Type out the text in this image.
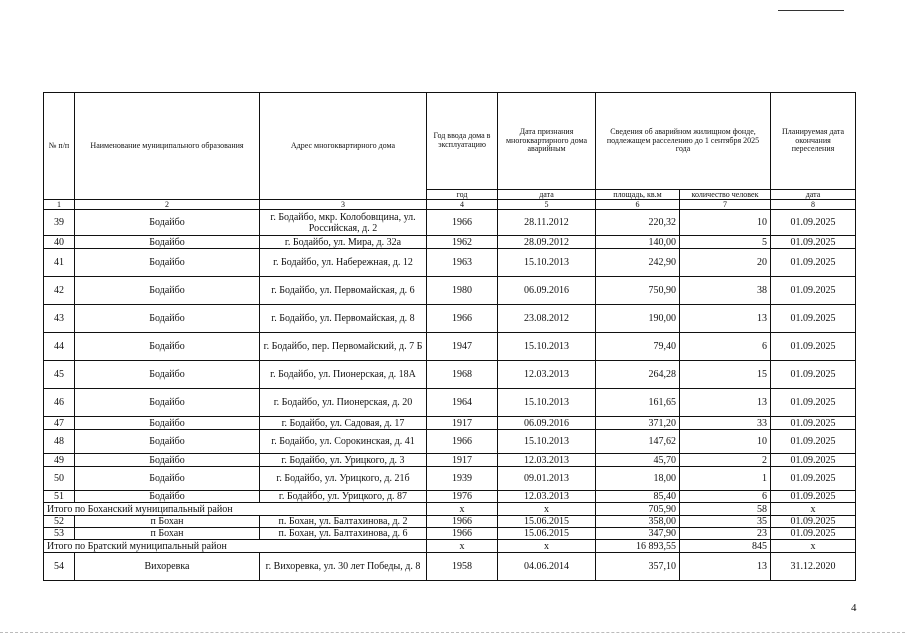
№ п/п	Наименование муниципального образования	Адрес многоквартирного дома	Год ввода дома в эксплуатацию	Дата признания многоквартирного дома аварийным	Сведения об аварийном жилищном фонде, подлежащем расселению до 1 сентября 2025 года		Планируемая дата окончания переселения
			год	дата	площадь, кв.м	количество человек	дата
1	2	3	4	5	6	7	8
39	Бодайбо	г. Бодайбо, мкр. Колобовщина, ул. Российская, д. 2	1966	28.11.2012	220,32	10	01.09.2025
40	Бодайбо	г. Бодайбо, ул. Мира, д. 32а	1962	28.09.2012	140,00	5	01.09.2025
41	Бодайбо	г. Бодайбо, ул. Набережная, д. 12	1963	15.10.2013	242,90	20	01.09.2025
42	Бодайбо	г. Бодайбо, ул. Первомайская, д. 6	1980	06.09.2016	750,90	38	01.09.2025
43	Бодайбо	г. Бодайбо, ул. Первомайская, д. 8	1966	23.08.2012	190,00	13	01.09.2025
44	Бодайбо	г. Бодайбо, пер. Первомайский, д. 7 Б	1947	15.10.2013	79,40	6	01.09.2025
45	Бодайбо	г. Бодайбо, ул. Пионерская, д. 18А	1968	12.03.2013	264,28	15	01.09.2025
46	Бодайбо	г. Бодайбо, ул. Пионерская, д. 20	1964	15.10.2013	161,65	13	01.09.2025
47	Бодайбо	г. Бодайбо, ул. Садовая, д. 17	1917	06.09.2016	371,20	33	01.09.2025
48	Бодайбо	г. Бодайбо, ул. Сорокинская, д. 41	1966	15.10.2013	147,62	10	01.09.2025
49	Бодайбо	г. Бодайбо, ул. Урицкого, д. 3	1917	12.03.2013	45,70	2	01.09.2025
50	Бодайбо	г. Бодайбо, ул. Урицкого, д. 21б	1939	09.01.2013	18,00	1	01.09.2025
51	Бодайбо	г. Бодайбо, ул. Урицкого, д. 87	1976	12.03.2013	85,40	6	01.09.2025
Итого по Боханский муниципальный район			х	х	705,90	58	х
52	п Бохан	п. Бохан, ул. Балтахинова, д. 2	1966	15.06.2015	358,00	35	01.09.2025
53	п Бохан	п. Бохан, ул. Балтахинова, д. 6	1966	15.06.2015	347,90	23	01.09.2025
Итого по Братский муниципальный район			х	х	16 893,55	845	х
54	Вихоревка	г. Вихоревка, ул. 30 лет Победы, д. 8	1958	04.06.2014	357,10	13	31.12.2020
4
